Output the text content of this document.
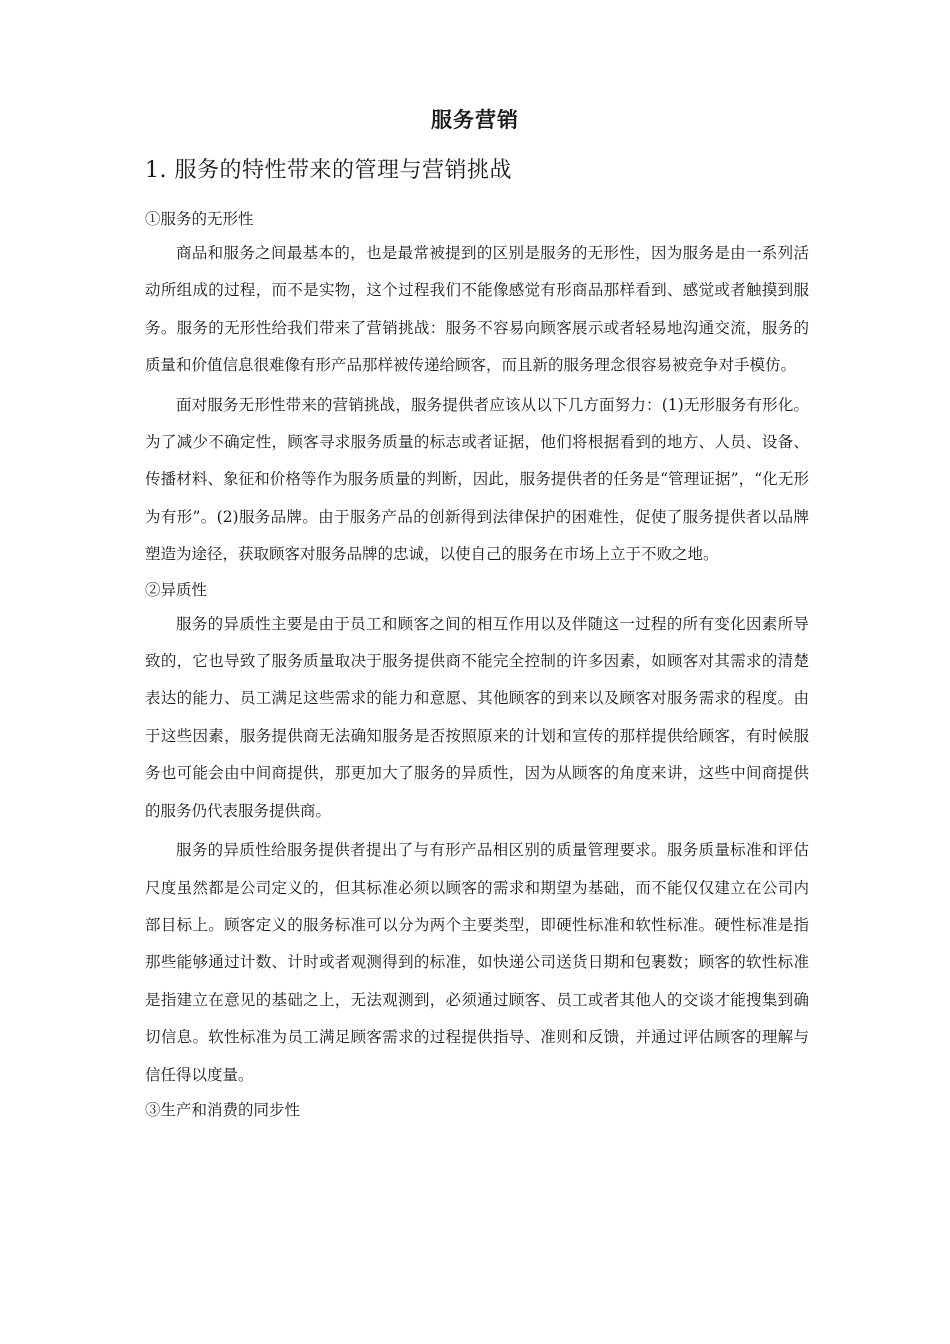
服务营销
1. 服务的特性带来的管理与营销挑战
①服务的无形性

商品和服务之间最基本的，也是最常被提到的区别是服务的无形性，因为服务是由一系列活动所组成的过程，而不是实物，这个过程我们不能像感觉有形商品那样看到、感觉或者触摸到服务。服务的无形性给我们带来了营销挑战：服务不容易向顾客展示或者轻易地沟通交流，服务的质量和价值信息很难像有形产品那样被传递给顾客，而且新的服务理念很容易被竞争对手模仿。

面对服务无形性带来的营销挑战，服务提供者应该从以下几方面努力：(1)无形服务有形化。为了减少不确定性，顾客寻求服务质量的标志或者证据，他们将根据看到的地方、人员、设备、传播材料、象征和价格等作为服务质量的判断，因此，服务提供者的任务是“管理证据”，“化无形为有形”。(2)服务品牌。由于服务产品的创新得到法律保护的困难性，促使了服务提供者以品牌塑造为途径，获取顾客对服务品牌的忠诚，以使自己的服务在市场上立于不败之地。

②异质性

服务的异质性主要是由于员工和顾客之间的相互作用以及伴随这一过程的所有变化因素所导致的，它也导致了服务质量取决于服务提供商不能完全控制的许多因素，如顾客对其需求的清楚表达的能力、员工满足这些需求的能力和意愿、其他顾客的到来以及顾客对服务需求的程度。由于这些因素，服务提供商无法确知服务是否按照原来的计划和宣传的那样提供给顾客，有时候服务也可能会由中间商提供，那更加大了服务的异质性，因为从顾客的角度来讲，这些中间商提供的服务仍代表服务提供商。

服务的异质性给服务提供者提出了与有形产品相区别的质量管理要求。服务质量标准和评估尺度虽然都是公司定义的，但其标准必须以顾客的需求和期望为基础，而不能仅仅建立在公司内部目标上。顾客定义的服务标准可以分为两个主要类型，即硬性标准和软性标准。硬性标准是指那些能够通过计数、计时或者观测得到的标准，如快递公司送货日期和包裹数；顾客的软性标准是指建立在意见的基础之上，无法观测到，必须通过顾客、员工或者其他人的交谈才能搜集到确切信息。软性标准为员工满足顾客需求的过程提供指导、准则和反馈，并通过评估顾客的理解与信任得以度量。

③生产和消费的同步性
